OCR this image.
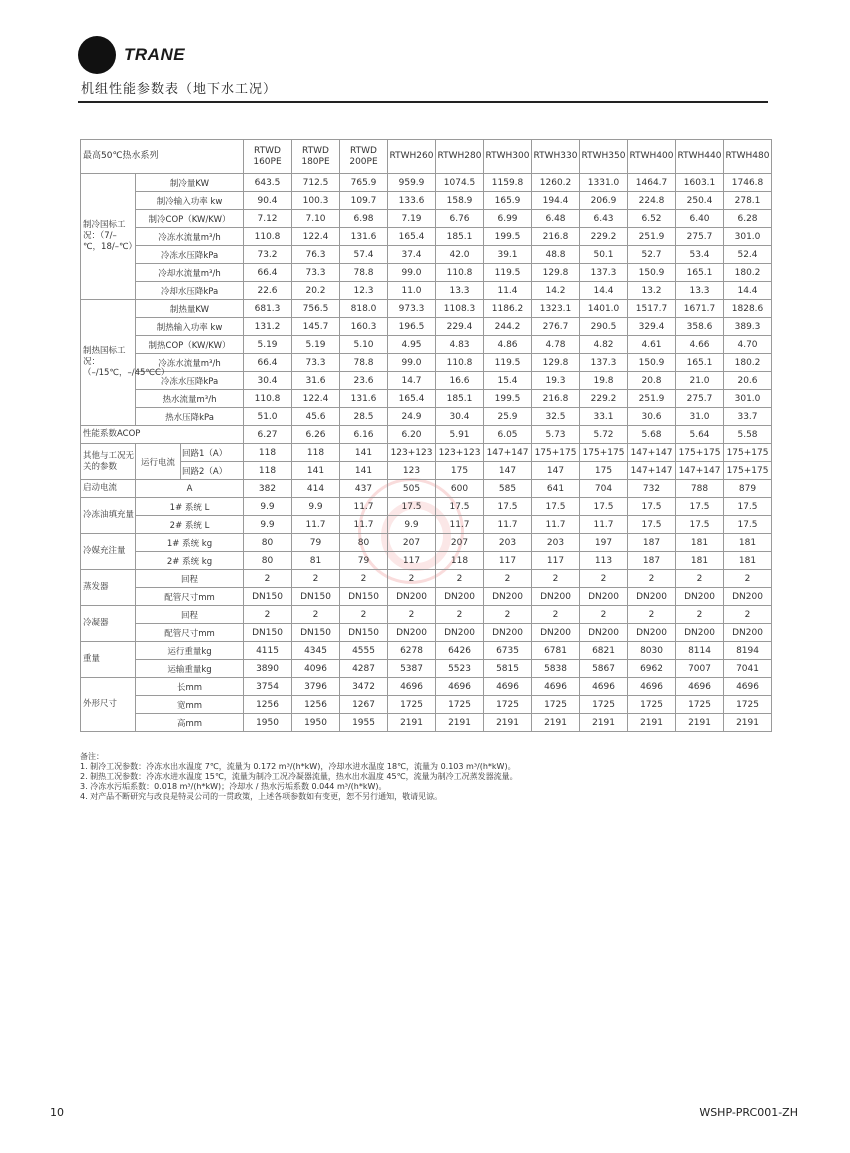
TRANE
机组性能参数表（地下水工况）
最高50℃热水系列			RTWD 160PE	RTWD 180PE	RTWD 200PE	RTWH260	RTWH280	RTWH300	RTWH330	RTWH350	RTWH400	RTWH440	RTWH480
制冷国标工况：（7/–℃，18/–℃）	制冷量KW		643.5	712.5	765.9	959.9	1074.5	1159.8	1260.2	1331.0	1464.7	1603.1	1746.8
	制冷输入功率 kw		90.4	100.3	109.7	133.6	158.9	165.9	194.4	206.9	224.8	250.4	278.1
	制冷COP（KW/KW）		7.12	7.10	6.98	7.19	6.76	6.99	6.48	6.43	6.52	6.40	6.28
	冷冻水流量m³/h		110.8	122.4	131.6	165.4	185.1	199.5	216.8	229.2	251.9	275.7	301.0
	冷冻水压降kPa		73.2	76.3	57.4	37.4	42.0	39.1	48.8	50.1	52.7	53.4	52.4
	冷却水流量m³/h		66.4	73.3	78.8	99.0	110.8	119.5	129.8	137.3	150.9	165.1	180.2
	冷却水压降kPa		22.6	20.2	12.3	11.0	13.3	11.4	14.2	14.4	13.2	13.3	14.4
制热国标工况：（–/15℃，–/45℃C）	制热量KW		681.3	756.5	818.0	973.3	1108.3	1186.2	1323.1	1401.0	1517.7	1671.7	1828.6
	制热输入功率 kw		131.2	145.7	160.3	196.5	229.4	244.2	276.7	290.5	329.4	358.6	389.3
	制热COP（KW/KW）		5.19	5.19	5.10	4.95	4.83	4.86	4.78	4.82	4.61	4.66	4.70
	冷冻水流量m³/h		66.4	73.3	78.8	99.0	110.8	119.5	129.8	137.3	150.9	165.1	180.2
	冷冻水压降kPa		30.4	31.6	23.6	14.7	16.6	15.4	19.3	19.8	20.8	21.0	20.6
	热水流量m³/h		110.8	122.4	131.6	165.4	185.1	199.5	216.8	229.2	251.9	275.7	301.0
	热水压降kPa		51.0	45.6	28.5	24.9	30.4	25.9	32.5	33.1	30.6	31.0	33.7
性能系数ACOP			6.27	6.26	6.16	6.20	5.91	6.05	5.73	5.72	5.68	5.64	5.58
其他与工况无关的参数	运行电流	回路1（A）	118	118	141	123+123	123+123	147+147	175+175	175+175	147+147	175+175	175+175
		回路2（A）	118	141	141	123	175	147	147	175	147+147	147+147	175+175
启动电流	A		382	414	437	505	600	585	641	704	732	788	879
冷冻油填充量	1# 系统 L		9.9	9.9	11.7	17.5	17.5	17.5	17.5	17.5	17.5	17.5	17.5
	2# 系统 L		9.9	11.7	11.7	9.9	11.7	11.7	11.7	11.7	17.5	17.5	17.5
冷媒充注量	1# 系统 kg		80	79	80	207	207	203	203	197	187	181	181
	2# 系统 kg		80	81	79	117	118	117	117	113	187	181	181
蒸发器	回程		2	2	2	2	2	2	2	2	2	2	2
	配管尺寸mm		DN150	DN150	DN150	DN200	DN200	DN200	DN200	DN200	DN200	DN200	DN200
冷凝器	回程		2	2	2	2	2	2	2	2	2	2	2
	配管尺寸mm		DN150	DN150	DN150	DN200	DN200	DN200	DN200	DN200	DN200	DN200	DN200
重量	运行重量kg		4115	4345	4555	6278	6426	6735	6781	6821	8030	8114	8194
	运输重量kg		3890	4096	4287	5387	5523	5815	5838	5867	6962	7007	7041
外形尺寸	长mm		3754	3796	3472	4696	4696	4696	4696	4696	4696	4696	4696
	宽mm		1256	1256	1267	1725	1725	1725	1725	1725	1725	1725	1725
	高mm		1950	1950	1955	2191	2191	2191	2191	2191	2191	2191	2191
备注：
1. 制冷工况参数：冷冻水出水温度 7℃，流量为 0.172 m³/(h*kW)，冷却水进水温度 18℃，流量为 0.103 m³/(h*kW)。
2. 制热工况参数：冷冻水进水温度 15℃，流量为制冷工况冷凝器流量，热水出水温度 45℃，流量为制冷工况蒸发器流量。
3. 冷冻水污垢系数：0.018 m³/(h*kW)；冷却水 / 热水污垢系数 0.044 m³/(h*kW)。
4. 对产品不断研究与改良是特灵公司的一贯政策，上述各项参数如有变更，恕不另行通知，敬请见谅。
10	WSHP-PRC001-ZH
